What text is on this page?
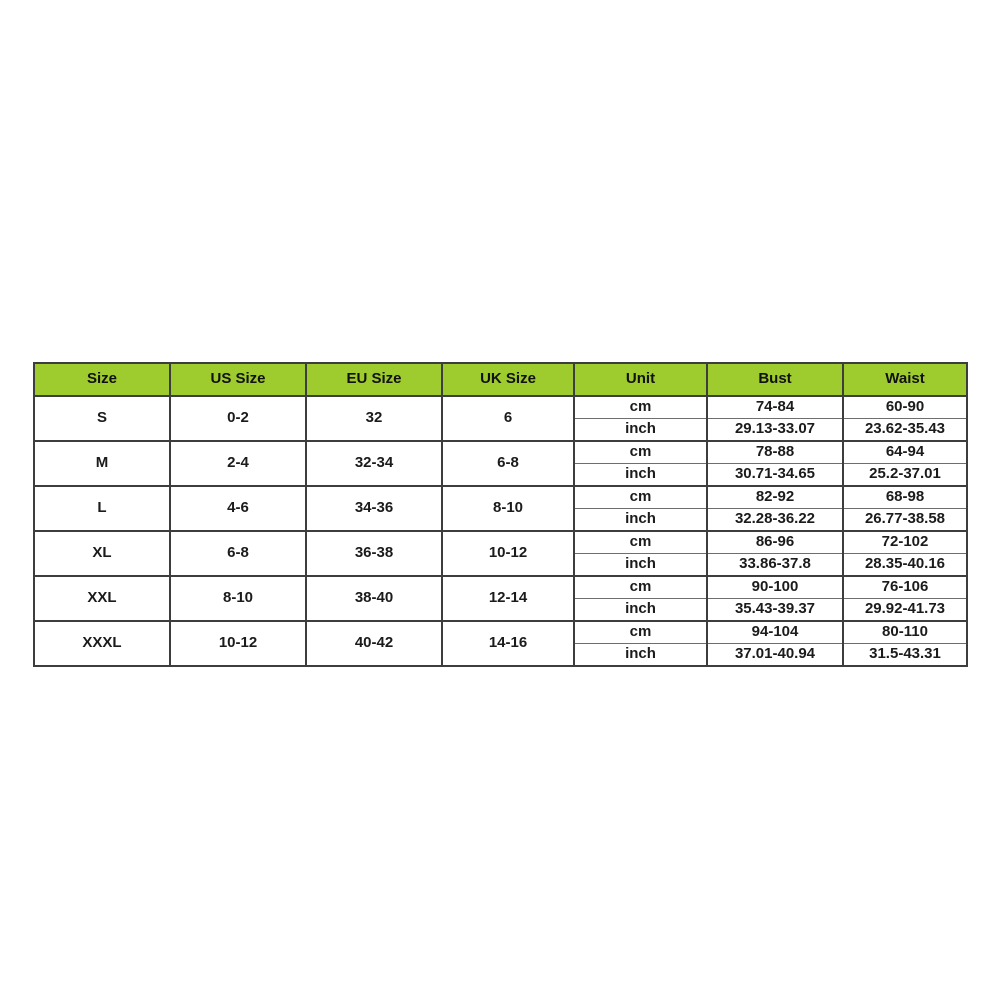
Size	US Size	EU Size	UK Size	Unit	Bust	Waist
S	0-2	32	6	cm	74-84	60-90
				inch	29.13-33.07	23.62-35.43
M	2-4	32-34	6-8	cm	78-88	64-94
				inch	30.71-34.65	25.2-37.01
L	4-6	34-36	8-10	cm	82-92	68-98
				inch	32.28-36.22	26.77-38.58
XL	6-8	36-38	10-12	cm	86-96	72-102
				inch	33.86-37.8	28.35-40.16
XXL	8-10	38-40	12-14	cm	90-100	76-106
				inch	35.43-39.37	29.92-41.73
XXXL	10-12	40-42	14-16	cm	94-104	80-110
				inch	37.01-40.94	31.5-43.31
